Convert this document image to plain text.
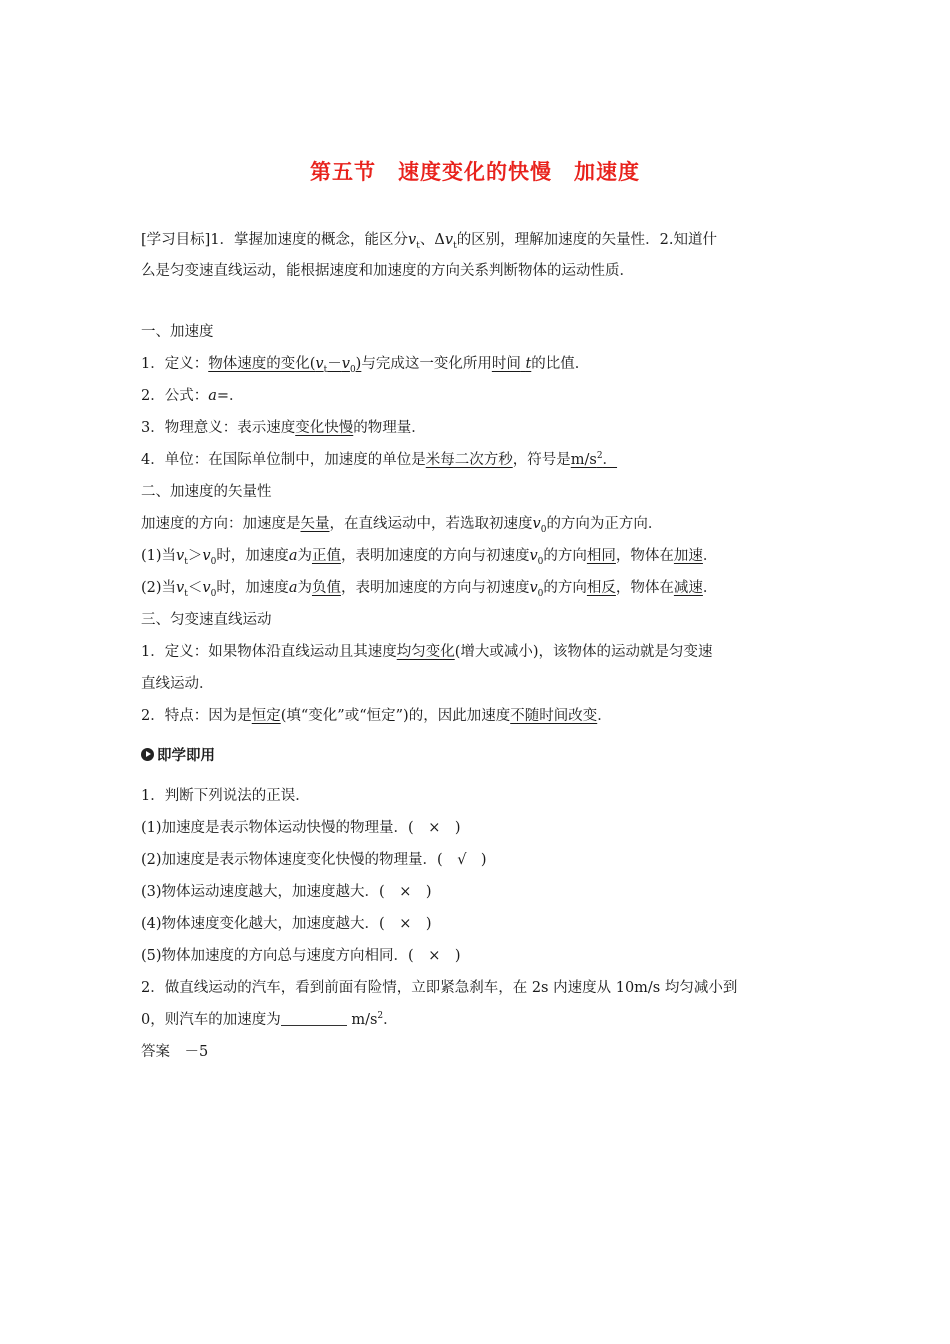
第五节 速度变化的快慢 加速度
[学习目标]1．掌握加速度的概念，能区分$v_t$、$\Delta v_t$的区别，理解加速度的矢量性．2.知道什
么是匀变速直线运动，能根据速度和加速度的方向关系判断物体的运动性质．
一、加速度
1．定义：物体速度的变化$(v_t-v_0)$与完成这一变化所用时间 t的比值．
2．公式：a=．
3．物理意义：表示速度变化快慢的物理量．
4．单位：在国际单位制中，加速度的单位是米每二次方秒，符号是$m/s^2$．
二、加速度的矢量性
加速度的方向：加速度是矢量，在直线运动中，若选取初速度$v_0$的方向为正方向．
(1)当$v_t>v_0$时，加速度a为正值，表明加速度的方向与初速度$v_0$的方向相同，物体在加速．
(2)当$v_t<v_0$时，加速度a为负值，表明加速度的方向与初速度$v_0$的方向相反，物体在减速．
三、匀变速直线运动
1．定义：如果物体沿直线运动且其速度均匀变化(增大或减小)，该物体的运动就是匀变速
直线运动．
2．特点：因为是恒定(填“变化”或“恒定”)的，因此加速度不随时间改变．
即学即用
1．判断下列说法的正误．
(1)加速度是表示物体运动快慢的物理量．(　×　)
(2)加速度是表示物体速度变化快慢的物理量．(　√　)
(3)物体运动速度越大，加速度越大．(　×　)
(4)物体速度变化越大，加速度越大．(　×　)
(5)物体加速度的方向总与速度方向相同．(　×　)
2．做直线运动的汽车，看到前面有险情，立即紧急刹车，在 2s 内速度从 10m/s 均匀减小到
0，则汽车的加速度为	$m/s^2$．
答案　－5
